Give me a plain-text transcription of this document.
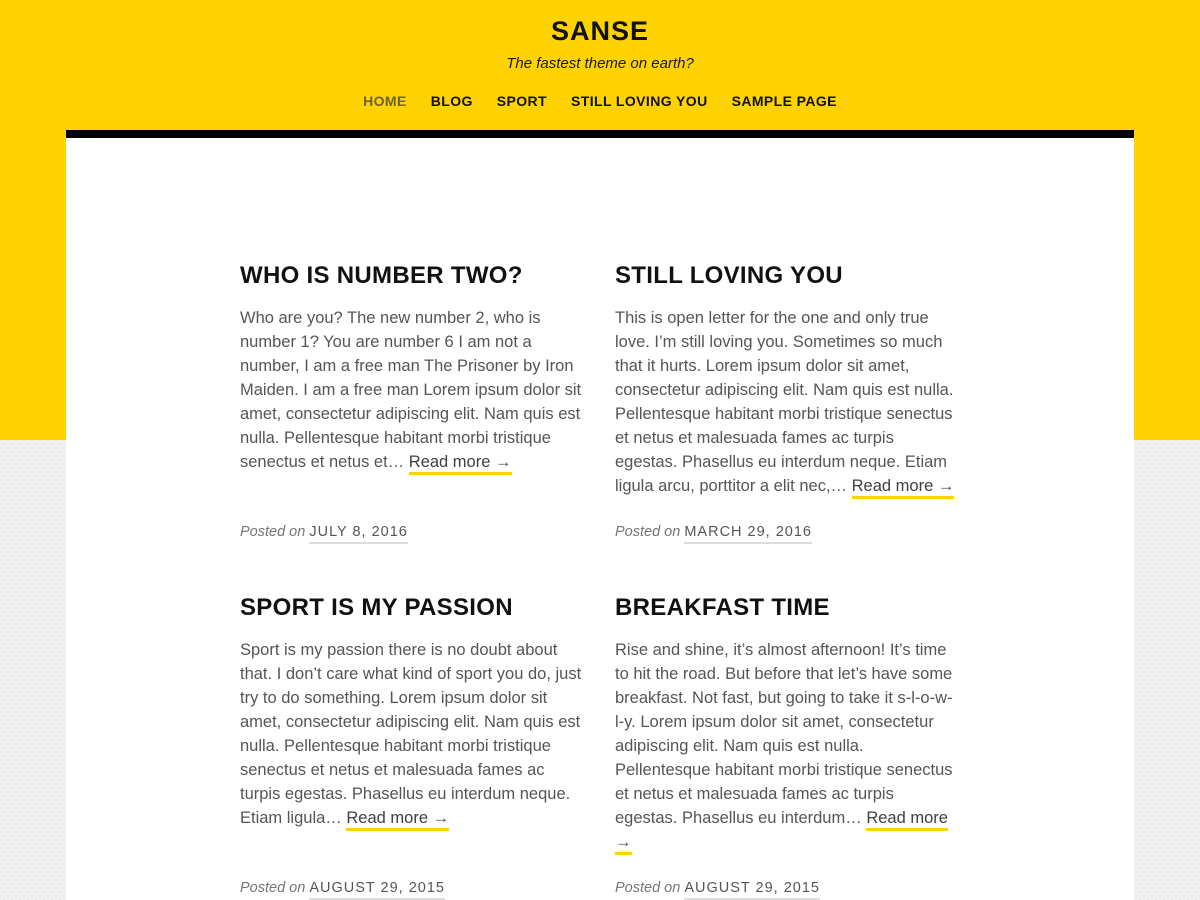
SANSE
The fastest theme on earth?
HOME BLOG SPORT STILL LOVING YOU SAMPLE PAGE
WHO IS NUMBER TWO?

Who are you? The new number 2, who is number 1? You are number 6 I am not a number, I am a free man The Prisoner by Iron Maiden. I am a free man Lorem ipsum dolor sit amet, consectetur adipiscing elit. Nam quis est nulla. Pellentesque habitant morbi tristique senectus et netus et… Read more →

Posted on JULY 8, 2016
STILL LOVING YOU

This is open letter for the one and only true love. I’m still loving you. Sometimes so much that it hurts. Lorem ipsum dolor sit amet, consectetur adipiscing elit. Nam quis est nulla. Pellentesque habitant morbi tristique senectus et netus et malesuada fames ac turpis egestas. Phasellus eu interdum neque. Etiam ligula arcu, porttitor a elit nec,… Read more →

Posted on MARCH 29, 2016
SPORT IS MY PASSION

Sport is my passion there is no doubt about that. I don’t care what kind of sport you do, just try to do something. Lorem ipsum dolor sit amet, consectetur adipiscing elit. Nam quis est nulla. Pellentesque habitant morbi tristique senectus et netus et malesuada fames ac turpis egestas. Phasellus eu interdum neque. Etiam ligula… Read more →

Posted on AUGUST 29, 2015
BREAKFAST TIME

Rise and shine, it’s almost afternoon! It’s time to hit the road. But before that let’s have some breakfast. Not fast, but going to take it s-l-o-w-l-y. Lorem ipsum dolor sit amet, consectetur adipiscing elit. Nam quis est nulla. Pellentesque habitant morbi tristique senectus et netus et malesuada fames ac turpis egestas. Phasellus eu interdum… Read more →

Posted on AUGUST 29, 2015
